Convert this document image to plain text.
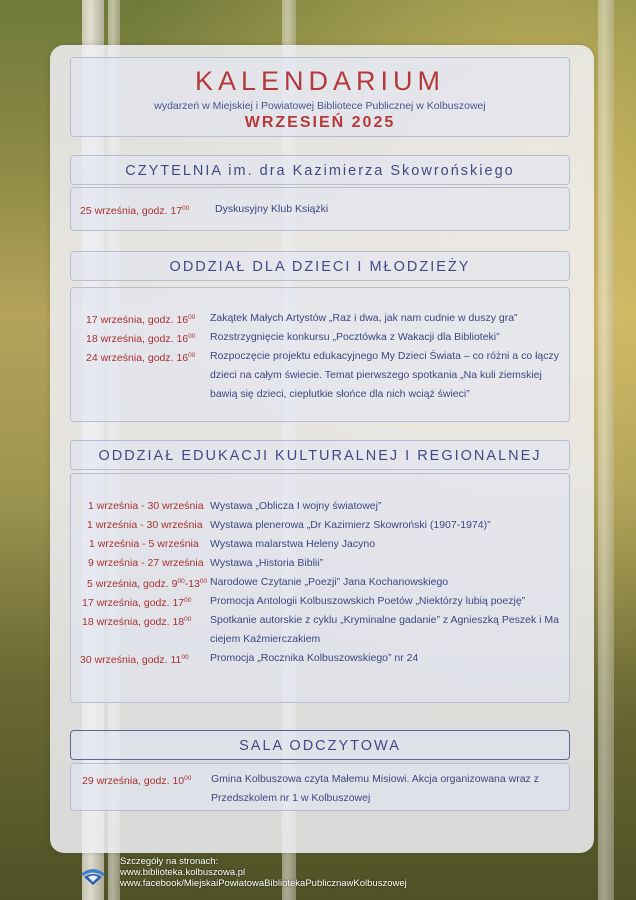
KALENDARIUM
wydarzeń w Miejskiej i Powiatowej Bibliotece Publicznej w Kolbuszowej
WRZESIEŃ 2025
CZYTELNIA im. dra Kazimierza Skowrońskiego
ODDZIAŁ DLA DZIECI I MŁODZIEŻY
ODDZIAŁ EDUKACJI KULTURALNEJ I REGIONALNEJ
SALA ODCZYTOWA
25 września, godz. $17^{00}$ Dyskusyjny Klub Książki
17 września, godz. $16^{00}$ Zakątek Małych Artystów „Raz i dwa, jak nam cudnie w duszy gra”
18 września, godz. $16^{00}$ Rozstrzygnięcie konkursu „Pocztówka z Wakacji dla Biblioteki”
24 września, godz. $16^{00}$ Rozpoczęcie projektu edukacyjnego My Dzieci Świata – co różni a co łączy
dzieci na całym świecie. Temat pierwszego spotkania „Na kuli ziemskiej
bawią się dzieci, cieplutkie słońce dla nich wciąż świeci”
1 września - 30 września Wystawa „Oblicza I wojny światowej”
1 września - 30 września Wystawa plenerowa „Dr Kazimierz Skowroński (1907-1974)”
1 września - 5 września Wystawa malarstwa Heleny Jacyno
9 września - 27 września Wystawa „Historia Biblii”
5 września, godz. $9^{00}-13^{00}$ Narodowe Czytanie „Poezji” Jana Kochanowskiego
17 września, godz. $17^{00}$ Promocja Antologii Kolbuszowskich Poetów „Niektórzy lubią poezję”
18 września, godz. $18^{00}$ Spotkanie autorskie z cyklu „Kryminalne gadanie” z Agnieszką Peszek i Ma
ciejem Kaźmierczakiem
30 września, godz. $11^{00}$ Promocja „Rocznika Kolbuszowskiego” nr 24
29 września, godz. $10^{00}$ Gmina Kolbuszowa czyta Małemu Misiowi. Akcja organizowana wraz z
Przedszkolem nr 1 w Kolbuszowej
Szczegóły na stronach:
www.biblioteka.kolbuszowa.pl
www.facebook/MiejskaiPowiatowaBibliotekaPublicznawKolbuszowej
